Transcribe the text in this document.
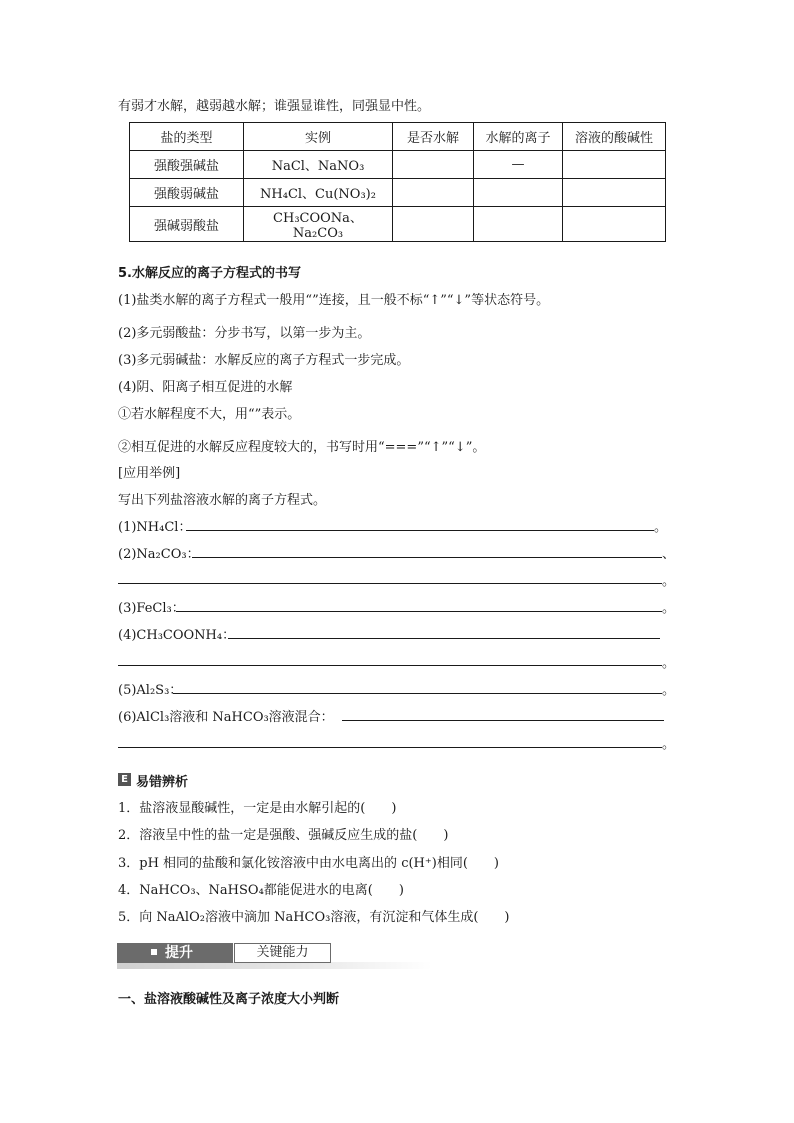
有弱才水解，越弱越水解；谁强显谁性，同强显中性。
盐的类型	实例	是否水解	水解的离子	溶液的酸碱性
强酸强碱盐	NaCl、NaNO₃		—	
强酸弱碱盐	NH₄Cl、Cu(NO₃)₂			
强碱弱酸盐	CH₃COONa、Na₂CO₃			
5.水解反应的离子方程式的书写
(1)盐类水解的离子方程式一般用“”连接，且一般不标“↑”“↓”等状态符号。
(2)多元弱酸盐：分步书写，以第一步为主。
(3)多元弱碱盐：水解反应的离子方程式一步完成。
(4)阴、阳离子相互促进的水解
①若水解程度不大，用“”表示。
②相互促进的水解反应程度较大的，书写时用“===”“↑”“↓”。
[应用举例]
写出下列盐溶液水解的离子方程式。
(1)NH₄Cl：	。
(2)Na₂CO₃：	、
。
(3)FeCl₃：	。
(4)CH₃COONH₄：
。
(5)Al₂S₃：	。
(6)AlCl₃溶液和 NaHCO₃溶液混合：
。
E 易错辨析
1．盐溶液显酸碱性，一定是由水解引起的(　　)
2．溶液呈中性的盐一定是强酸、强碱反应生成的盐(　　)
3．pH 相同的盐酸和氯化铵溶液中由水电离出的 c(H⁺)相同(　　)
4．NaHCO₃、NaHSO₄都能促进水的电离(　　)
5．向 NaAlO₂溶液中滴加 NaHCO₃溶液，有沉淀和气体生成(　　)
提升	关键能力
一、盐溶液酸碱性及离子浓度大小判断
